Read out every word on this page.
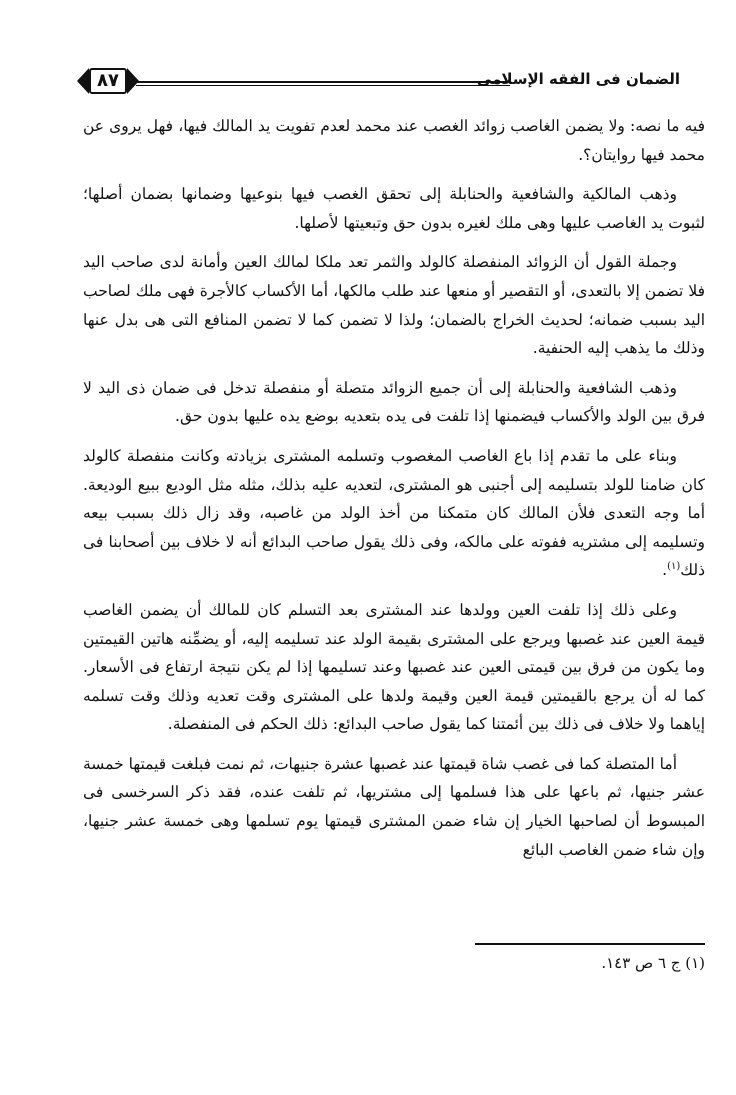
الضمان فى الفقه الإسلامى
٨٧

فيه ما نصه: ولا يضمن الغاصب زوائد الغصب عند محمد لعدم تفويت يد المالك فيها، فهل يروى عن محمد فيها روايتان؟.

وذهب المالكية والشافعية والحنابلة إلى تحقق الغصب فيها بنوعيها وضمانها بضمان أصلها؛ لثبوت يد الغاصب عليها وهى ملك لغيره بدون حق وتبعيتها لأصلها.

وجملة القول أن الزوائد المنفصلة كالولد والثمر تعد ملكا لمالك العين وأمانة لدى صاحب اليد فلا تضمن إلا بالتعدى، أو التقصير أو منعها عند طلب مالكها، أما الأكساب كالأجرة فهى ملك لصاحب اليد بسبب ضمانه؛ لحديث الخراج بالضمان؛ ولذا لا تضمن كما لا تضمن المنافع التى هى بدل عنها وذلك ما يذهب إليه الحنفية.

وذهب الشافعية والحنابلة إلى أن جميع الزوائد متصلة أو منفصلة تدخل فى ضمان ذى اليد لا فرق بين الولد والأكساب فيضمنها إذا تلفت فى يده بتعديه بوضع يده عليها بدون حق.

وبناء على ما تقدم إذا باع الغاصب المغصوب وتسلمه المشترى بزيادته وكانت منفصلة كالولد كان ضامنا للولد بتسليمه إلى أجنبى هو المشترى، لتعديه عليه بذلك، مثله مثل الوديع ببيع الوديعة. أما وجه التعدى فلأن المالك كان متمكنا من أخذ الولد من غاصبه، وقد زال ذلك بسبب بيعه وتسليمه إلى مشتريه ففوته على مالكه، وفى ذلك يقول صاحب البدائع أنه لا خلاف بين أصحابنا فى ذلك$^{(١)}$.

وعلى ذلك إذا تلفت العين وولدها عند المشترى بعد التسلم كان للمالك أن يضمن الغاصب قيمة العين عند غصبها ويرجع على المشترى بقيمة الولد عند تسليمه إليه، أو يضمِّنه هاتين القيمتين وما يكون من فرق بين قيمتى العين عند غصبها وعند تسليمها إذا لم يكن نتيجة ارتفاع فى الأسعار. كما له أن يرجع بالقيمتين قيمة العين وقيمة ولدها على المشترى وقت تعديه وذلك وقت تسلمه إياهما ولا خلاف فى ذلك بين أئمتنا كما يقول صاحب البدائع: ذلك الحكم فى المنفصلة.

أما المتصلة كما فى غصب شاة قيمتها عند غصبها عشرة جنيهات، ثم نمت فبلغت قيمتها خمسة عشر جنيها، ثم باعها على هذا فسلمها إلى مشتريها، ثم تلفت عنده، فقد ذكر السرخسى فى المبسوط أن لصاحبها الخيار إن شاء ضمن المشترى قيمتها يوم تسلمها وهى خمسة عشر جنيها، وإن شاء ضمن الغاصب البائع

(١) ج ٦ ص ١٤٣.
